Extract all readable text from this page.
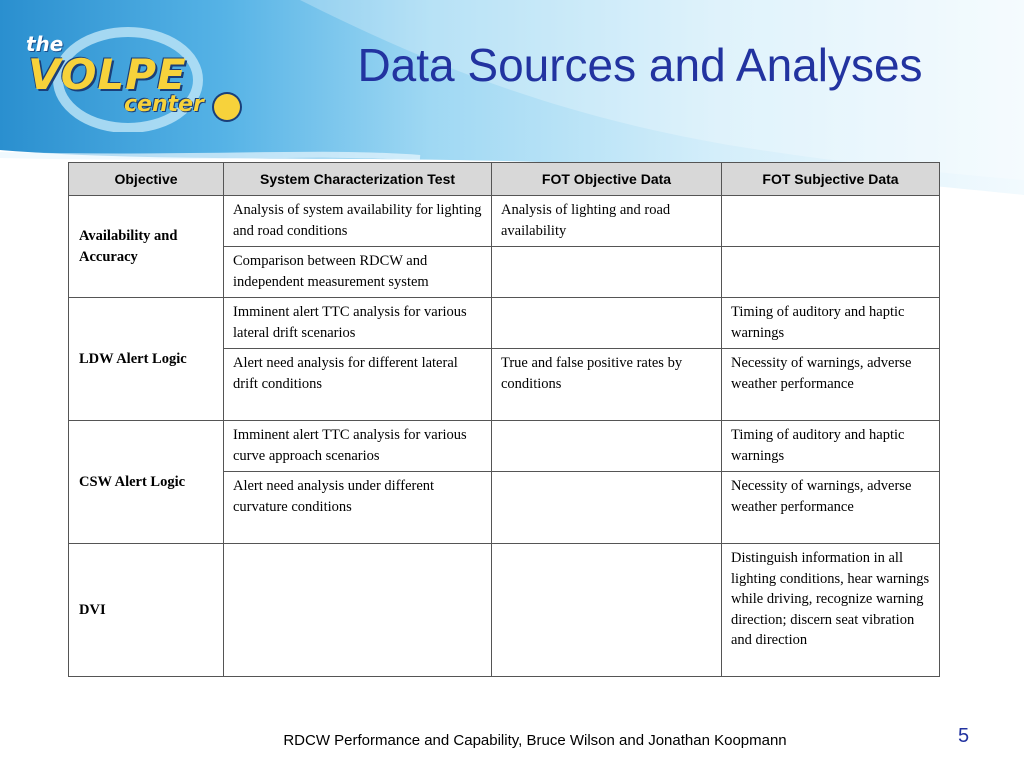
the
VOLPE
center
Data Sources and Analyses
Objective	System Characterization Test	FOT Objective Data	FOT Subjective Data
Availability and Accuracy	Analysis of system availability for lighting and road conditions	Analysis of lighting and road availability	
	Comparison between RDCW and independent measurement system		
LDW Alert Logic	Imminent alert TTC analysis for various lateral drift scenarios		Timing of auditory and haptic warnings
	Alert need analysis for different lateral drift conditions	True and false positive rates by conditions	Necessity of warnings, adverse weather performance
CSW Alert Logic	Imminent alert TTC analysis for various curve approach scenarios		Timing of auditory and haptic warnings
	Alert need analysis under different curvature conditions		Necessity of warnings, adverse weather performance
DVI			Distinguish information in all lighting conditions, hear warnings while driving, recognize warning direction; discern seat vibration and direction
RDCW Performance and Capability, Bruce Wilson and Jonathan Koopmann	5
